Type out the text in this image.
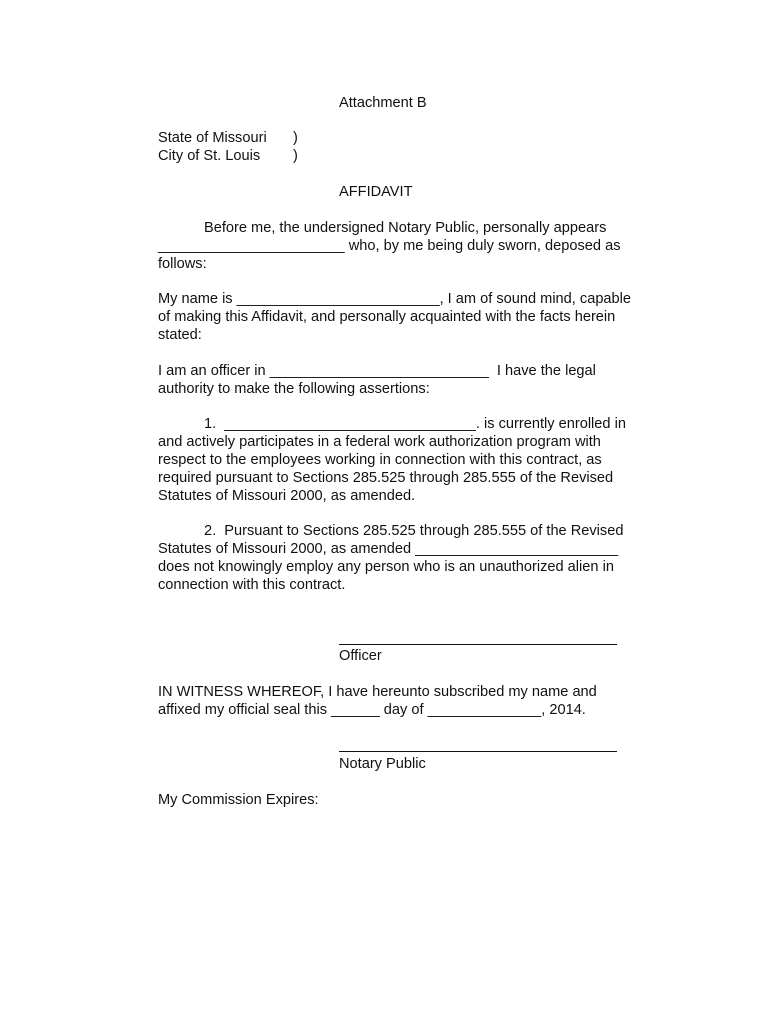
Attachment B

State of Missouri )

City of St. Louis )

AFFIDAVIT

Before me, the undersigned Notary Public, personally appears

_______________________ who, by me being duly sworn, deposed as

follows:

My name is _________________________, I am of sound mind, capable

of making this Affidavit, and personally acquainted with the facts herein

stated:

I am an officer in ___________________________  I have the legal

authority to make the following assertions:

1.  _______________________________. is currently enrolled in

and actively participates in a federal work authorization program with

respect to the employees working in connection with this contract, as

required pursuant to Sections 285.525 through 285.555 of the Revised

Statutes of Missouri 2000, as amended.

2.  Pursuant to Sections 285.525 through 285.555 of the Revised

Statutes of Missouri 2000, as amended _________________________

does not knowingly employ any person who is an unauthorized alien in

connection with this contract.

Officer

IN WITNESS WHEREOF, I have hereunto subscribed my name and

affixed my official seal this ______ day of ______________, 2014.

Notary Public

My Commission Expires:
